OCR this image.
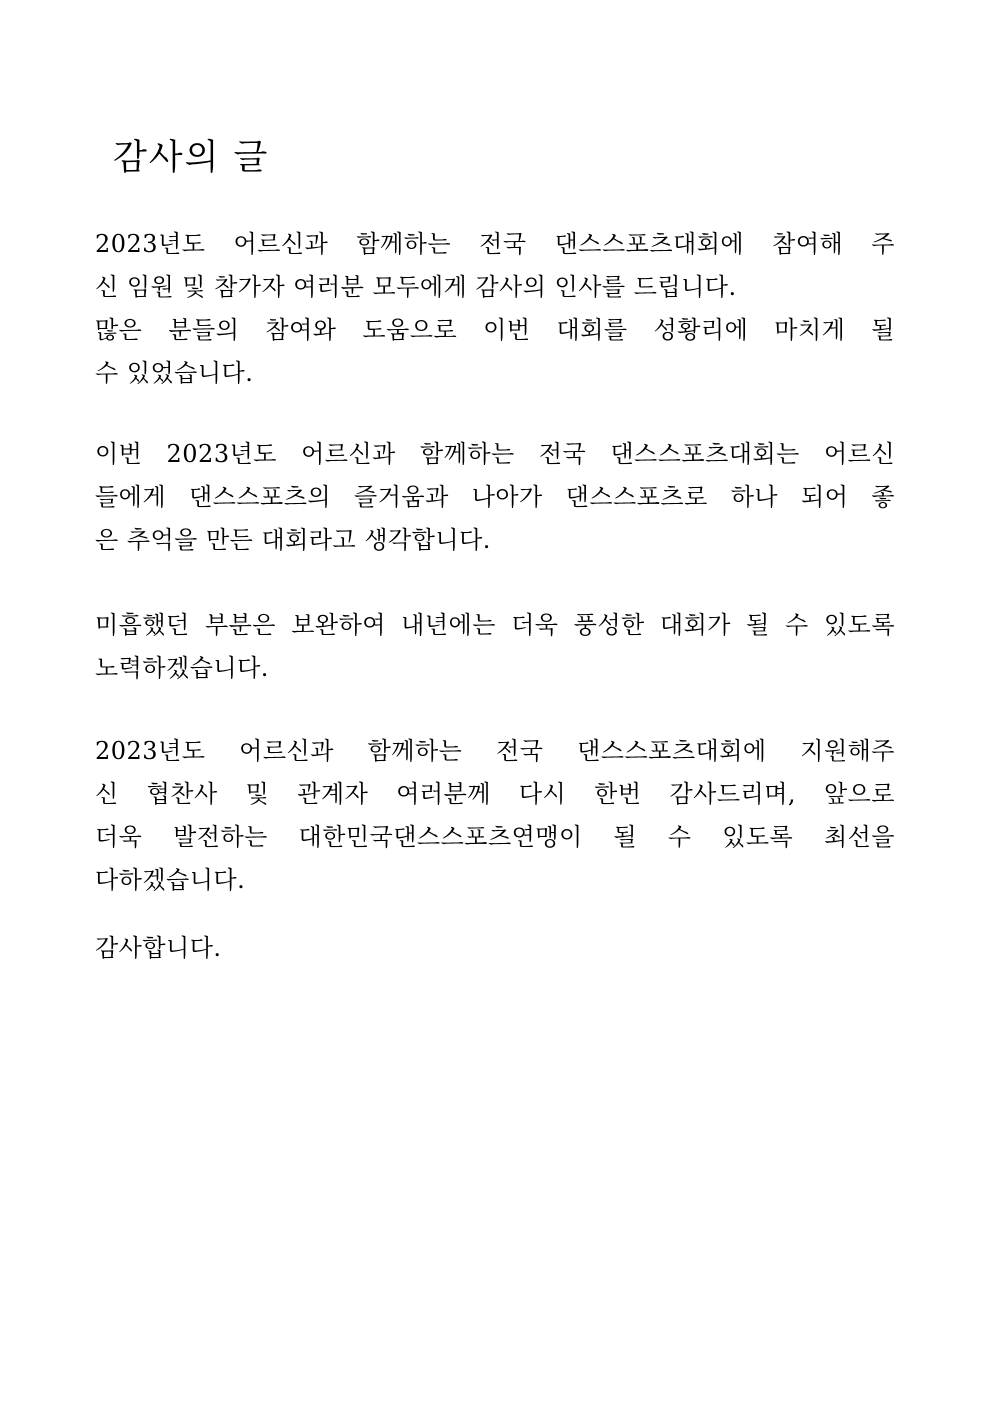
감사의 글
2023년도 어르신과 함께하는 전국 댄스스포츠대회에 참여해 주
신 임원 및 참가자 여러분 모두에게 감사의 인사를 드립니다.
많은 분들의 참여와 도움으로 이번 대회를 성황리에 마치게 될
수 있었습니다.
이번 2023년도 어르신과 함께하는 전국 댄스스포츠대회는 어르신
들에게 댄스스포츠의 즐거움과 나아가 댄스스포츠로 하나 되어 좋
은 추억을 만든 대회라고 생각합니다.
미흡했던 부분은 보완하여 내년에는 더욱 풍성한 대회가 될 수 있도록
노력하겠습니다.
2023년도 어르신과 함께하는 전국 댄스스포츠대회에 지원해주
신 협찬사 및 관계자 여러분께 다시 한번 감사드리며, 앞으로
더욱 발전하는 대한민국댄스스포츠연맹이 될 수 있도록 최선을
다하겠습니다.
감사합니다.
